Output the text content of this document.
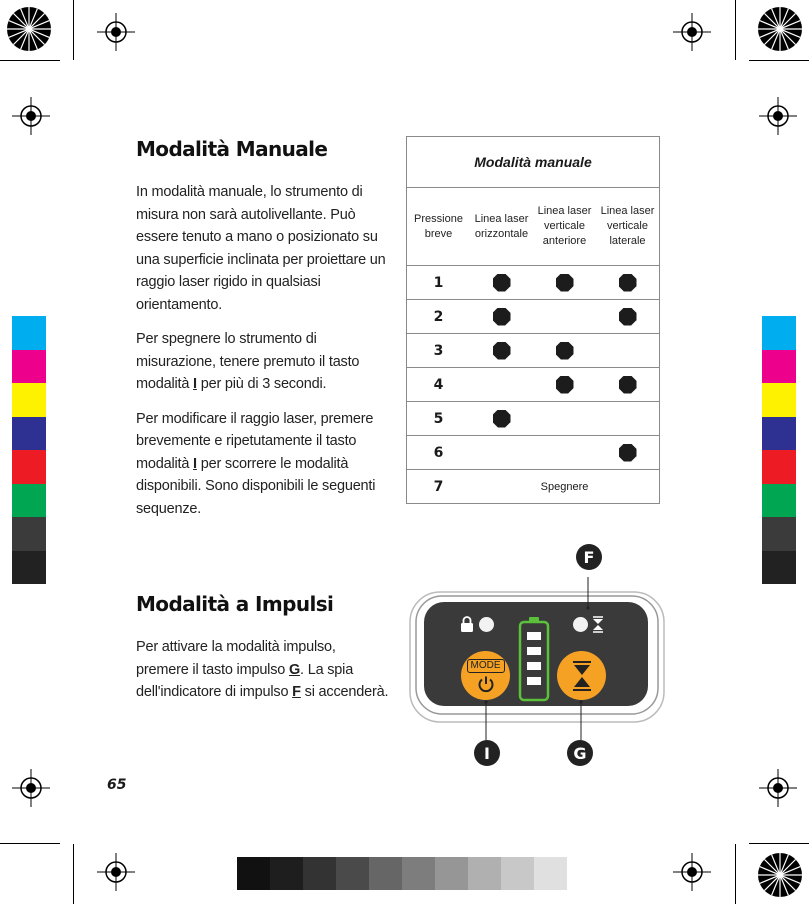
Modalità Manuale

In modalità manuale, lo strumento di misura non sarà autolivellante. Può essere tenuto a mano o posizionato su una superficie inclinata per proiettare un raggio laser rigido in qualsiasi orientamento.

Per spegnere lo strumento di misurazione, tenere premuto il tasto modalità I per più di 3 secondi.

Per modificare il raggio laser, premere brevemente e ripetutamente il tasto modalità I per scorrere le modalità disponibili. Sono disponibili le seguenti sequenze.

Modalità manuale
Pressione breve
Linea laser orizzontale
Linea laser verticale anteriore
Linea laser verticale laterale
1
2
3
4
5
6
7	Spegnere
Modalità a Impulsi

Per attivare la modalità impulso, premere il tasto impulso G. La spia dell'indicatore di impulso F si accenderà.

F
I	G
MODE
65
